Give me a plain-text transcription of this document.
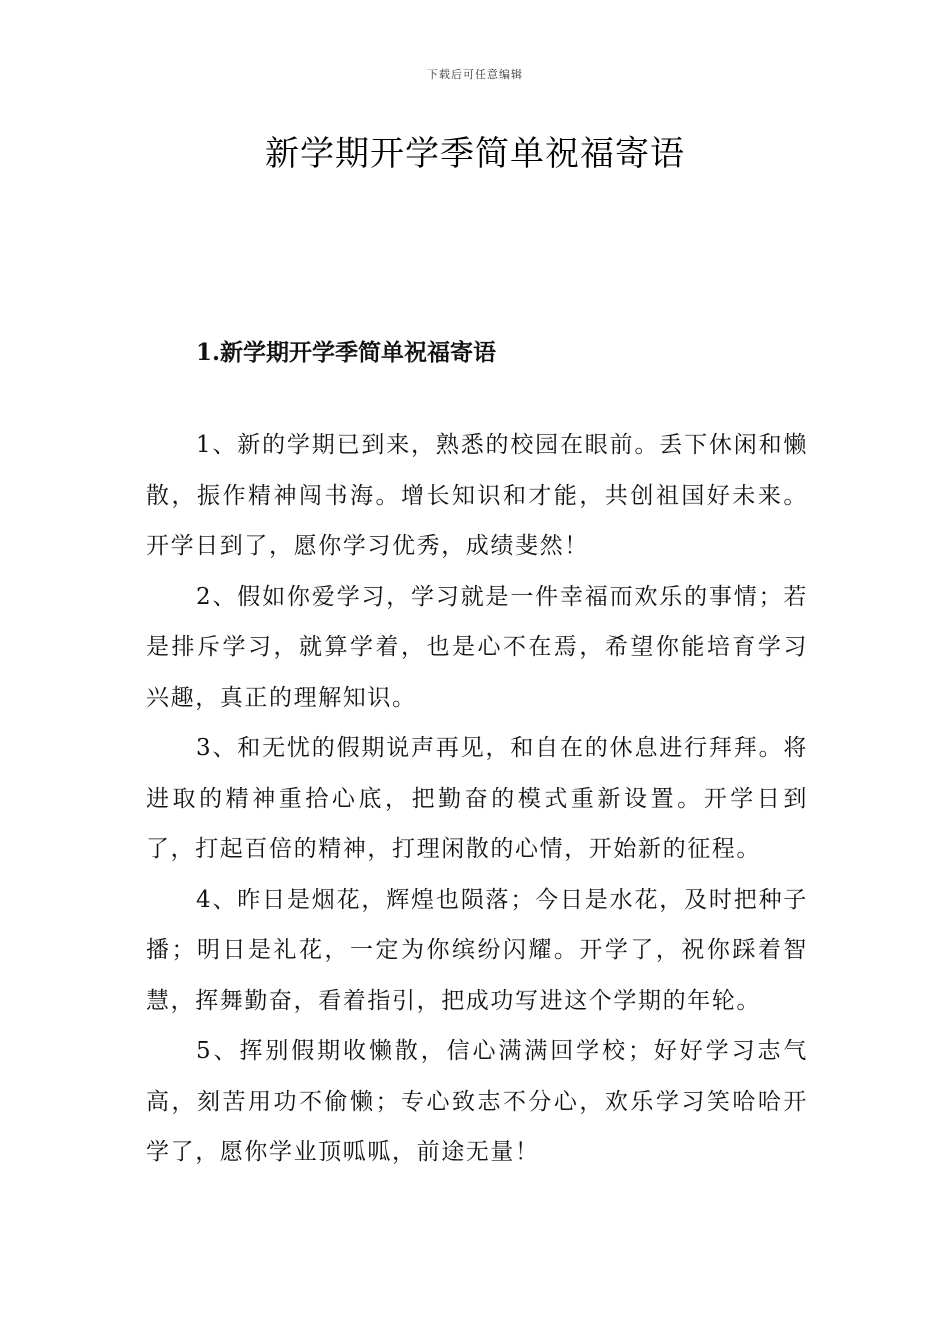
下载后可任意编辑
新学期开学季简单祝福寄语
1.新学期开学季简单祝福寄语

1、新的学期已到来，熟悉的校园在眼前。丢下休闲和懒散，振作精神闯书海。增长知识和才能，共创祖国好未来。开学日到了，愿你学习优秀，成绩斐然！

2、假如你爱学习，学习就是一件幸福而欢乐的事情；若是排斥学习，就算学着，也是心不在焉，希望你能培育学习兴趣，真正的理解知识。

3、和无忧的假期说声再见，和自在的休息进行拜拜。将进取的精神重拾心底，把勤奋的模式重新设置。开学日到了，打起百倍的精神，打理闲散的心情，开始新的征程。

4、昨日是烟花，辉煌也陨落；今日是水花，及时把种子播；明日是礼花，一定为你缤纷闪耀。开学了，祝你踩着智慧，挥舞勤奋，看着指引，把成功写进这个学期的年轮。

5、挥别假期收懒散，信心满满回学校；好好学习志气高，刻苦用功不偷懒；专心致志不分心，欢乐学习笑哈哈开学了，愿你学业顶呱呱，前途无量！
